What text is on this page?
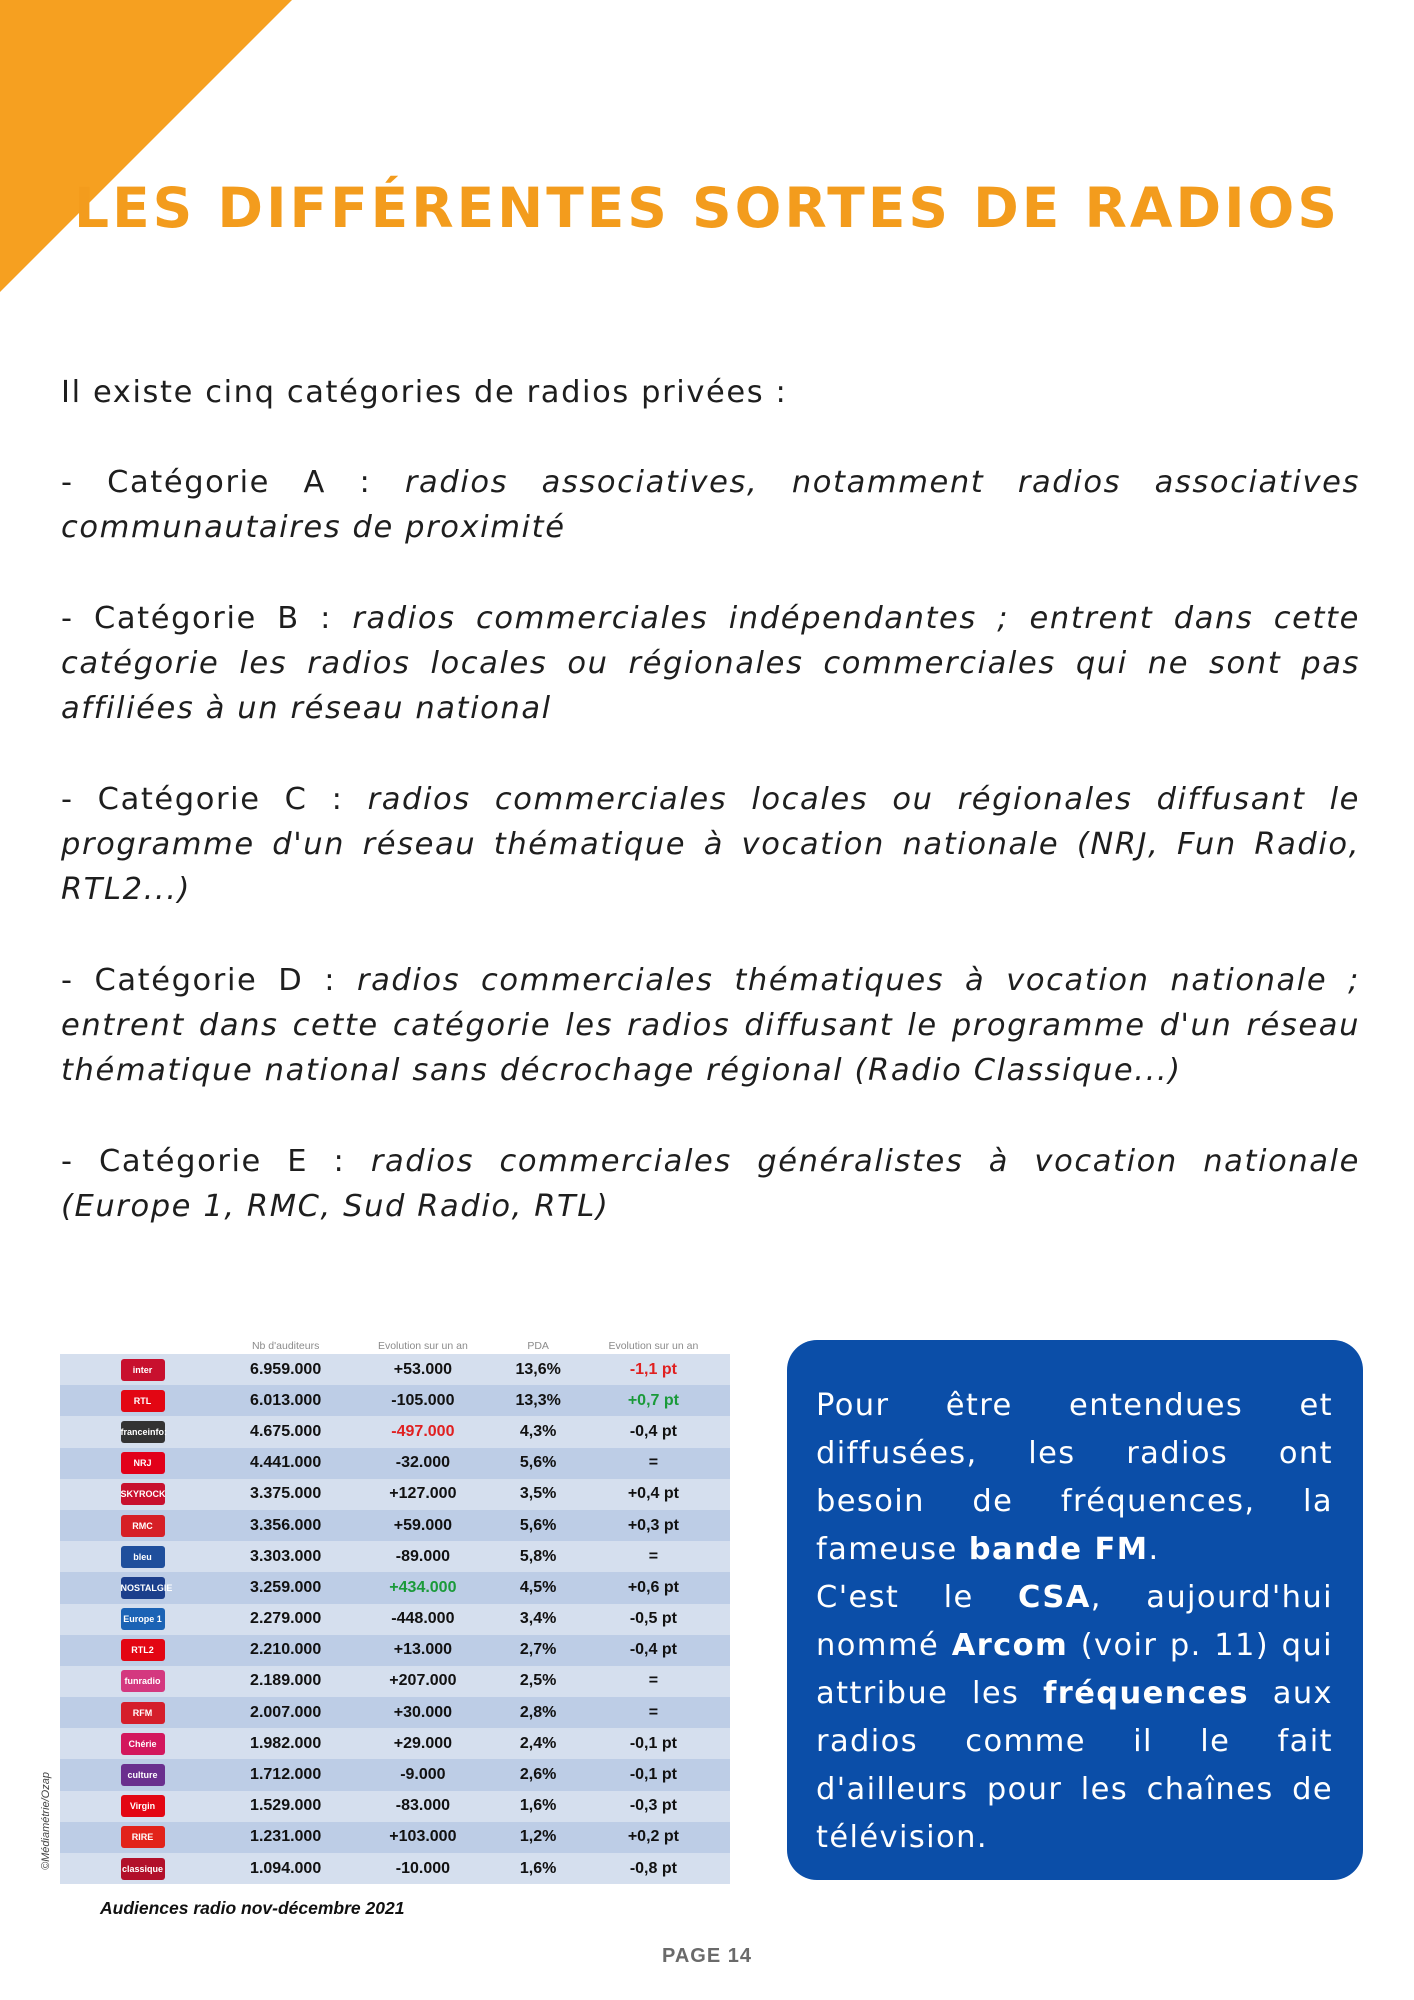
LES DIFFÉRENTES SORTES DE RADIOS

Il existe cinq catégories de radios privées :

- Catégorie A : radios associatives, notamment radios associatives communautaires de proximité

- Catégorie B : radios commerciales indépendantes ; entrent dans cette catégorie les radios locales ou régionales commerciales qui ne sont pas affiliées à un réseau national

- Catégorie C : radios commerciales locales ou régionales diffusant le programme d'un réseau thématique à vocation nationale (NRJ, Fun Radio, RTL2...)

- Catégorie D : radios commerciales thématiques à vocation nationale ; entrent dans cette catégorie les radios diffusant le programme d'un réseau thématique national sans décrochage régional (Radio Classique...)

- Catégorie E : radios commerciales généralistes à vocation nationale (Europe 1, RMC, Sud Radio, RTL)

	Nb d'auditeurs	Evolution sur un an	PDA	Evolution sur un an
inter	6.959.000	+53.000	13,6%	-1,1 pt
RTL	6.013.000	-105.000	13,3%	+0,7 pt
franceinfo:	4.675.000	-497.000	4,3%	-0,4 pt
NRJ	4.441.000	-32.000	5,6%	=
SKYROCK	3.375.000	+127.000	3,5%	+0,4 pt
RMC	3.356.000	+59.000	5,6%	+0,3 pt
bleu	3.303.000	-89.000	5,8%	=
NOSTALGIE	3.259.000	+434.000	4,5%	+0,6 pt
Europe 1	2.279.000	-448.000	3,4%	-0,5 pt
RTL2	2.210.000	+13.000	2,7%	-0,4 pt
funradio	2.189.000	+207.000	2,5%	=
RFM	2.007.000	+30.000	2,8%	=
Chérie	1.982.000	+29.000	2,4%	-0,1 pt
culture	1.712.000	-9.000	2,6%	-0,1 pt
Virgin	1.529.000	-83.000	1,6%	-0,3 pt
RIRE	1.231.000	+103.000	1,2%	+0,2 pt
classique	1.094.000	-10.000	1,6%	-0,8 pt
©Médiamétrie/Ozap
Audiences radio nov-décembre 2021

Pour être entendues et diffusées, les radios ont besoin de fréquences, la fameuse bande FM.
C'est le CSA, aujourd'hui nommé Arcom (voir p. 11) qui attribue les fréquences aux radios comme il le fait d'ailleurs pour les chaînes de télévision.

PAGE 14
